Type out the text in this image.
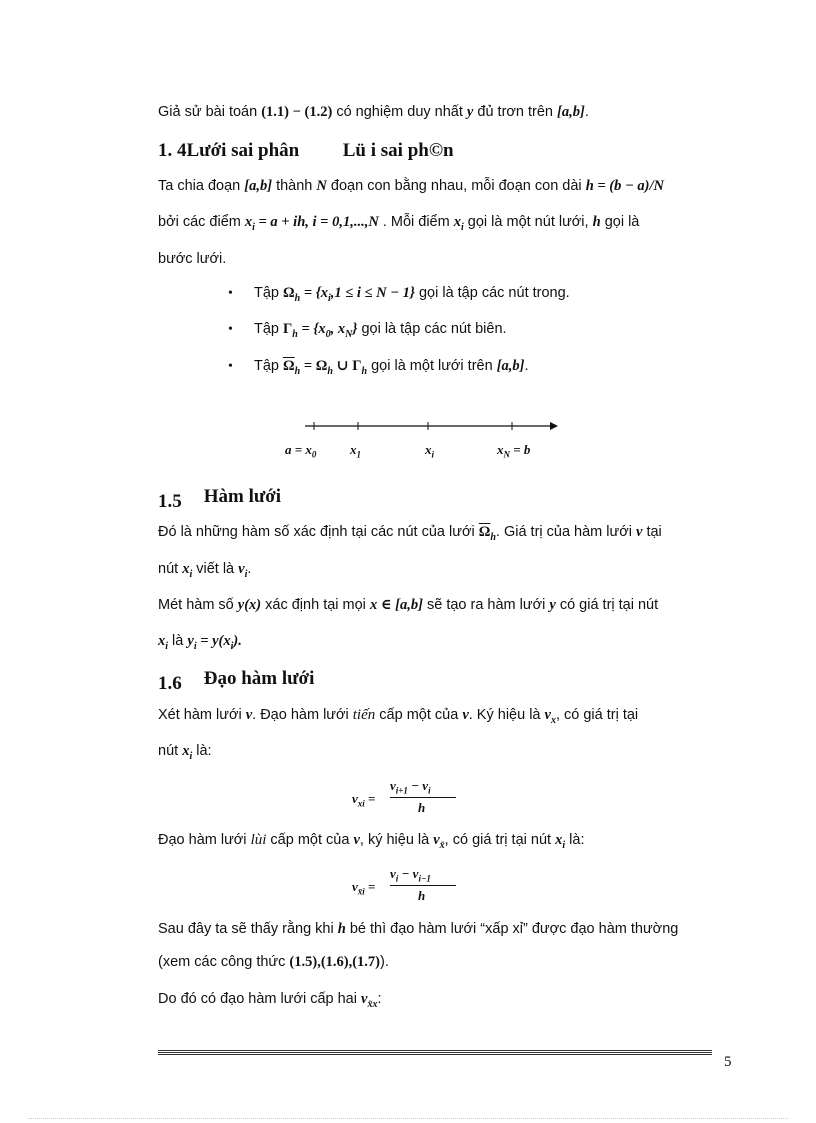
Giả sử bài toán (1.1) − (1.2) có nghiệm duy nhất y đủ trơn trên [a,b].
1. 4Lưới sai phân Lü i sai ph©n
Ta chia đoạn [a,b] thành N đoạn con bằng nhau, mỗi đoạn con dài h = (b − a)/N
bởi các điểm $x_i = a$ + ih, i = 0,1,...,N . Mỗi điểm $x_i$ gọi là một nút lưới, h gọi là
bước lưới.
• Tập $\Omega_h = \{x_i,1 \le i \le N - 1\}$ gọi là tập các nút trong.
• Tập $\Gamma_h = \{x_0$, $x_N$} gọi là tập các nút biên.
• Tập $\overline{\Omega}_h = \Omega_h$ ∪ $\Gamma_h$ gọi là một lưới trên [a,b].
$a = x_0$	$x_1$	$x_i$	$x_N = b$
1.5 Hàm lưới
Đó là những hàm số xác định tại các nút của lưới $\overline{\Omega}_h$. Giá trị của hàm lưới v tại
nút $x_i$ viết là $v_i$.
Mét hàm số y(x) xác định tại mọi x ∈ [a,b] sẽ tạo ra hàm lưới y có giá trị tại nút
$x_i$ là $y_i = y(x_i)$.
1.6 Đạo hàm lưới
Xét hàm lưới v. Đạo hàm lưới tiến cấp một của v. Ký hiệu là $v_x$, có giá trị tại
nút $x_i$ là:
$v_{xi}$ =
$v_{i+1} - v_i$
h
Đạo hàm lưới lùi cấp một của v, ký hiệu là $v_{x̄}$, có giá trị tại nút $x_i$ là:
$v_{x̄i}$ =
$v_i - v_{i-1}$
h
Sau đây ta sẽ thấy rằng khi h bé thì đạo hàm lưới “xấp xỉ” được đạo hàm thường
(xem các công thức (1.5),(1.6),(1.7)).
Do đó có đạo hàm lưới cấp hai $v_{x̄x}$:
5
